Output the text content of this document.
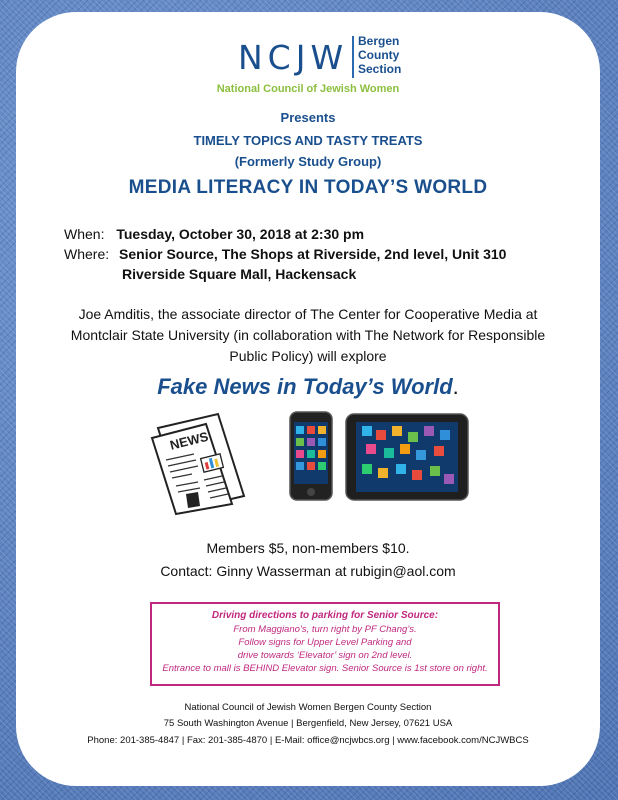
NCJW Bergen
County
Section
National Council of Jewish Women
Presents
TIMELY TOPICS AND TASTY TREATS
(Formerly Study Group)
MEDIA LITERACY IN TODAY’S WORLD
When: Tuesday, October 30, 2018 at 2:30 pm
Where: Senior Source, The Shops at Riverside, 2nd level, Unit 310
Riverside Square Mall, Hackensack
Joe Amditis, the associate director of The Center for Cooperative Media at Montclair State University (in collaboration with The Network for Responsible Public Policy) will explore
Fake News in Today’s World.
NEWS
Members $5, non-members $10.
Contact: Ginny Wasserman at rubigin@aol.com
Driving directions to parking for Senior Source:
From Maggiano’s, turn right by PF Chang’s.
Follow signs for Upper Level Parking and
drive towards ‘Elevator’ sign on 2nd level.
Entrance to mall is BEHIND Elevator sign. Senior Source is 1st store on right.
National Council of Jewish Women Bergen County Section
75 South Washington Avenue | Bergenfield, New Jersey, 07621 USA
Phone: 201-385-4847 | Fax: 201-385-4870 | E-Mail: office@ncjwbcs.org | www.facebook.com/NCJWBCS
